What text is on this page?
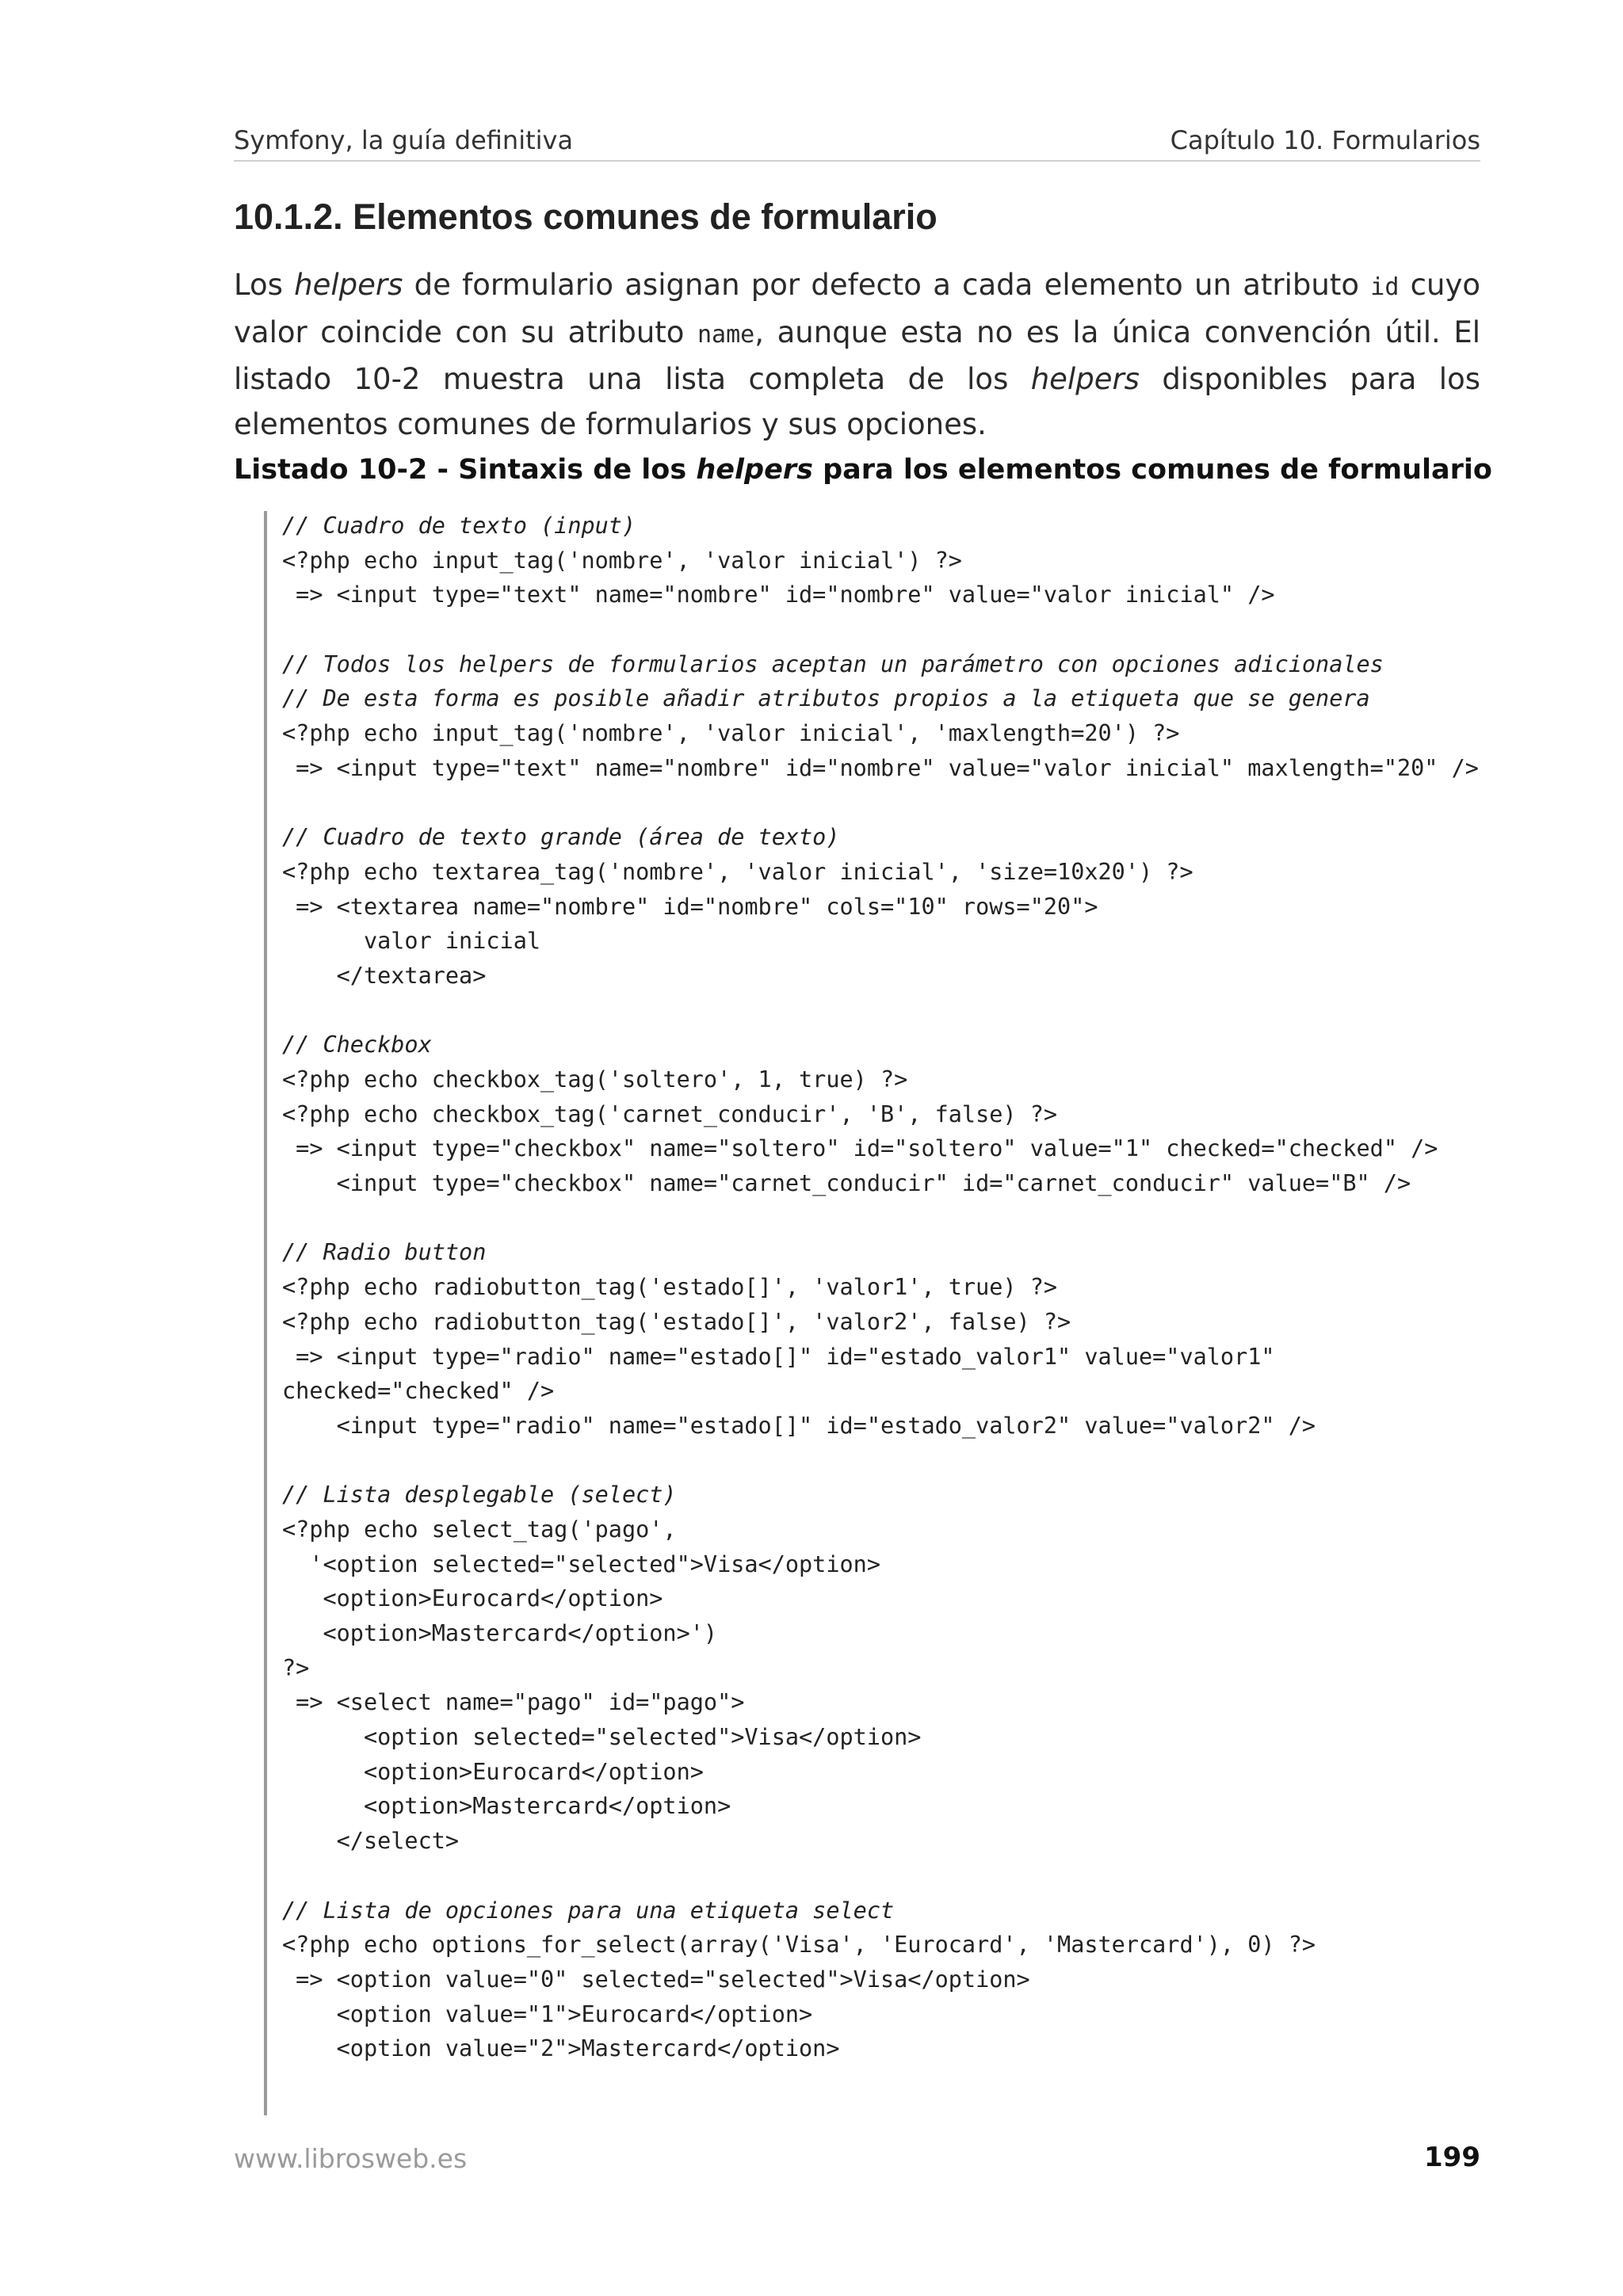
Symfony, la guía definitiva	Capítulo 10. Formularios
10.1.2. Elementos comunes de formulario

Los helpers de formulario asignan por defecto a cada elemento un atributo id cuyo valor coincide con su atributo name, aunque esta no es la única convención útil. El listado 10-2 muestra una lista completa de los helpers disponibles para los elementos comunes de formularios y sus opciones.

Listado 10-2 - Sintaxis de los helpers para los elementos comunes de formulario

// Cuadro de texto (input)
<?php echo input_tag('nombre', 'valor inicial') ?>
=> <input type="text" name="nombre" id="nombre" value="valor inicial" />
// Todos los helpers de formularios aceptan un parámetro con opciones adicionales
// De esta forma es posible añadir atributos propios a la etiqueta que se genera
<?php echo input_tag('nombre', 'valor inicial', 'maxlength=20') ?>
=> <input type="text" name="nombre" id="nombre" value="valor inicial" maxlength="20" />
// Cuadro de texto grande (área de texto)
<?php echo textarea_tag('nombre', 'valor inicial', 'size=10x20') ?>
=> <textarea name="nombre" id="nombre" cols="10" rows="20">
valor inicial
</textarea>
// Checkbox
<?php echo checkbox_tag('soltero', 1, true) ?>
<?php echo checkbox_tag('carnet_conducir', 'B', false) ?>
=> <input type="checkbox" name="soltero" id="soltero" value="1" checked="checked" />
<input type="checkbox" name="carnet_conducir" id="carnet_conducir" value="B" />
// Radio button
<?php echo radiobutton_tag('estado[]', 'valor1', true) ?>
<?php echo radiobutton_tag('estado[]', 'valor2', false) ?>
=> <input type="radio" name="estado[]" id="estado_valor1" value="valor1"
checked="checked" />
<input type="radio" name="estado[]" id="estado_valor2" value="valor2" />
// Lista desplegable (select)
<?php echo select_tag('pago',
'<option selected="selected">Visa</option>
<option>Eurocard</option>
<option>Mastercard</option>')
?>
=> <select name="pago" id="pago">
<option selected="selected">Visa</option>
<option>Eurocard</option>
<option>Mastercard</option>
</select>
// Lista de opciones para una etiqueta select
<?php echo options_for_select(array('Visa', 'Eurocard', 'Mastercard'), 0) ?>
=> <option value="0" selected="selected">Visa</option>
<option value="1">Eurocard</option>
<option value="2">Mastercard</option>
www.librosweb.es	199
